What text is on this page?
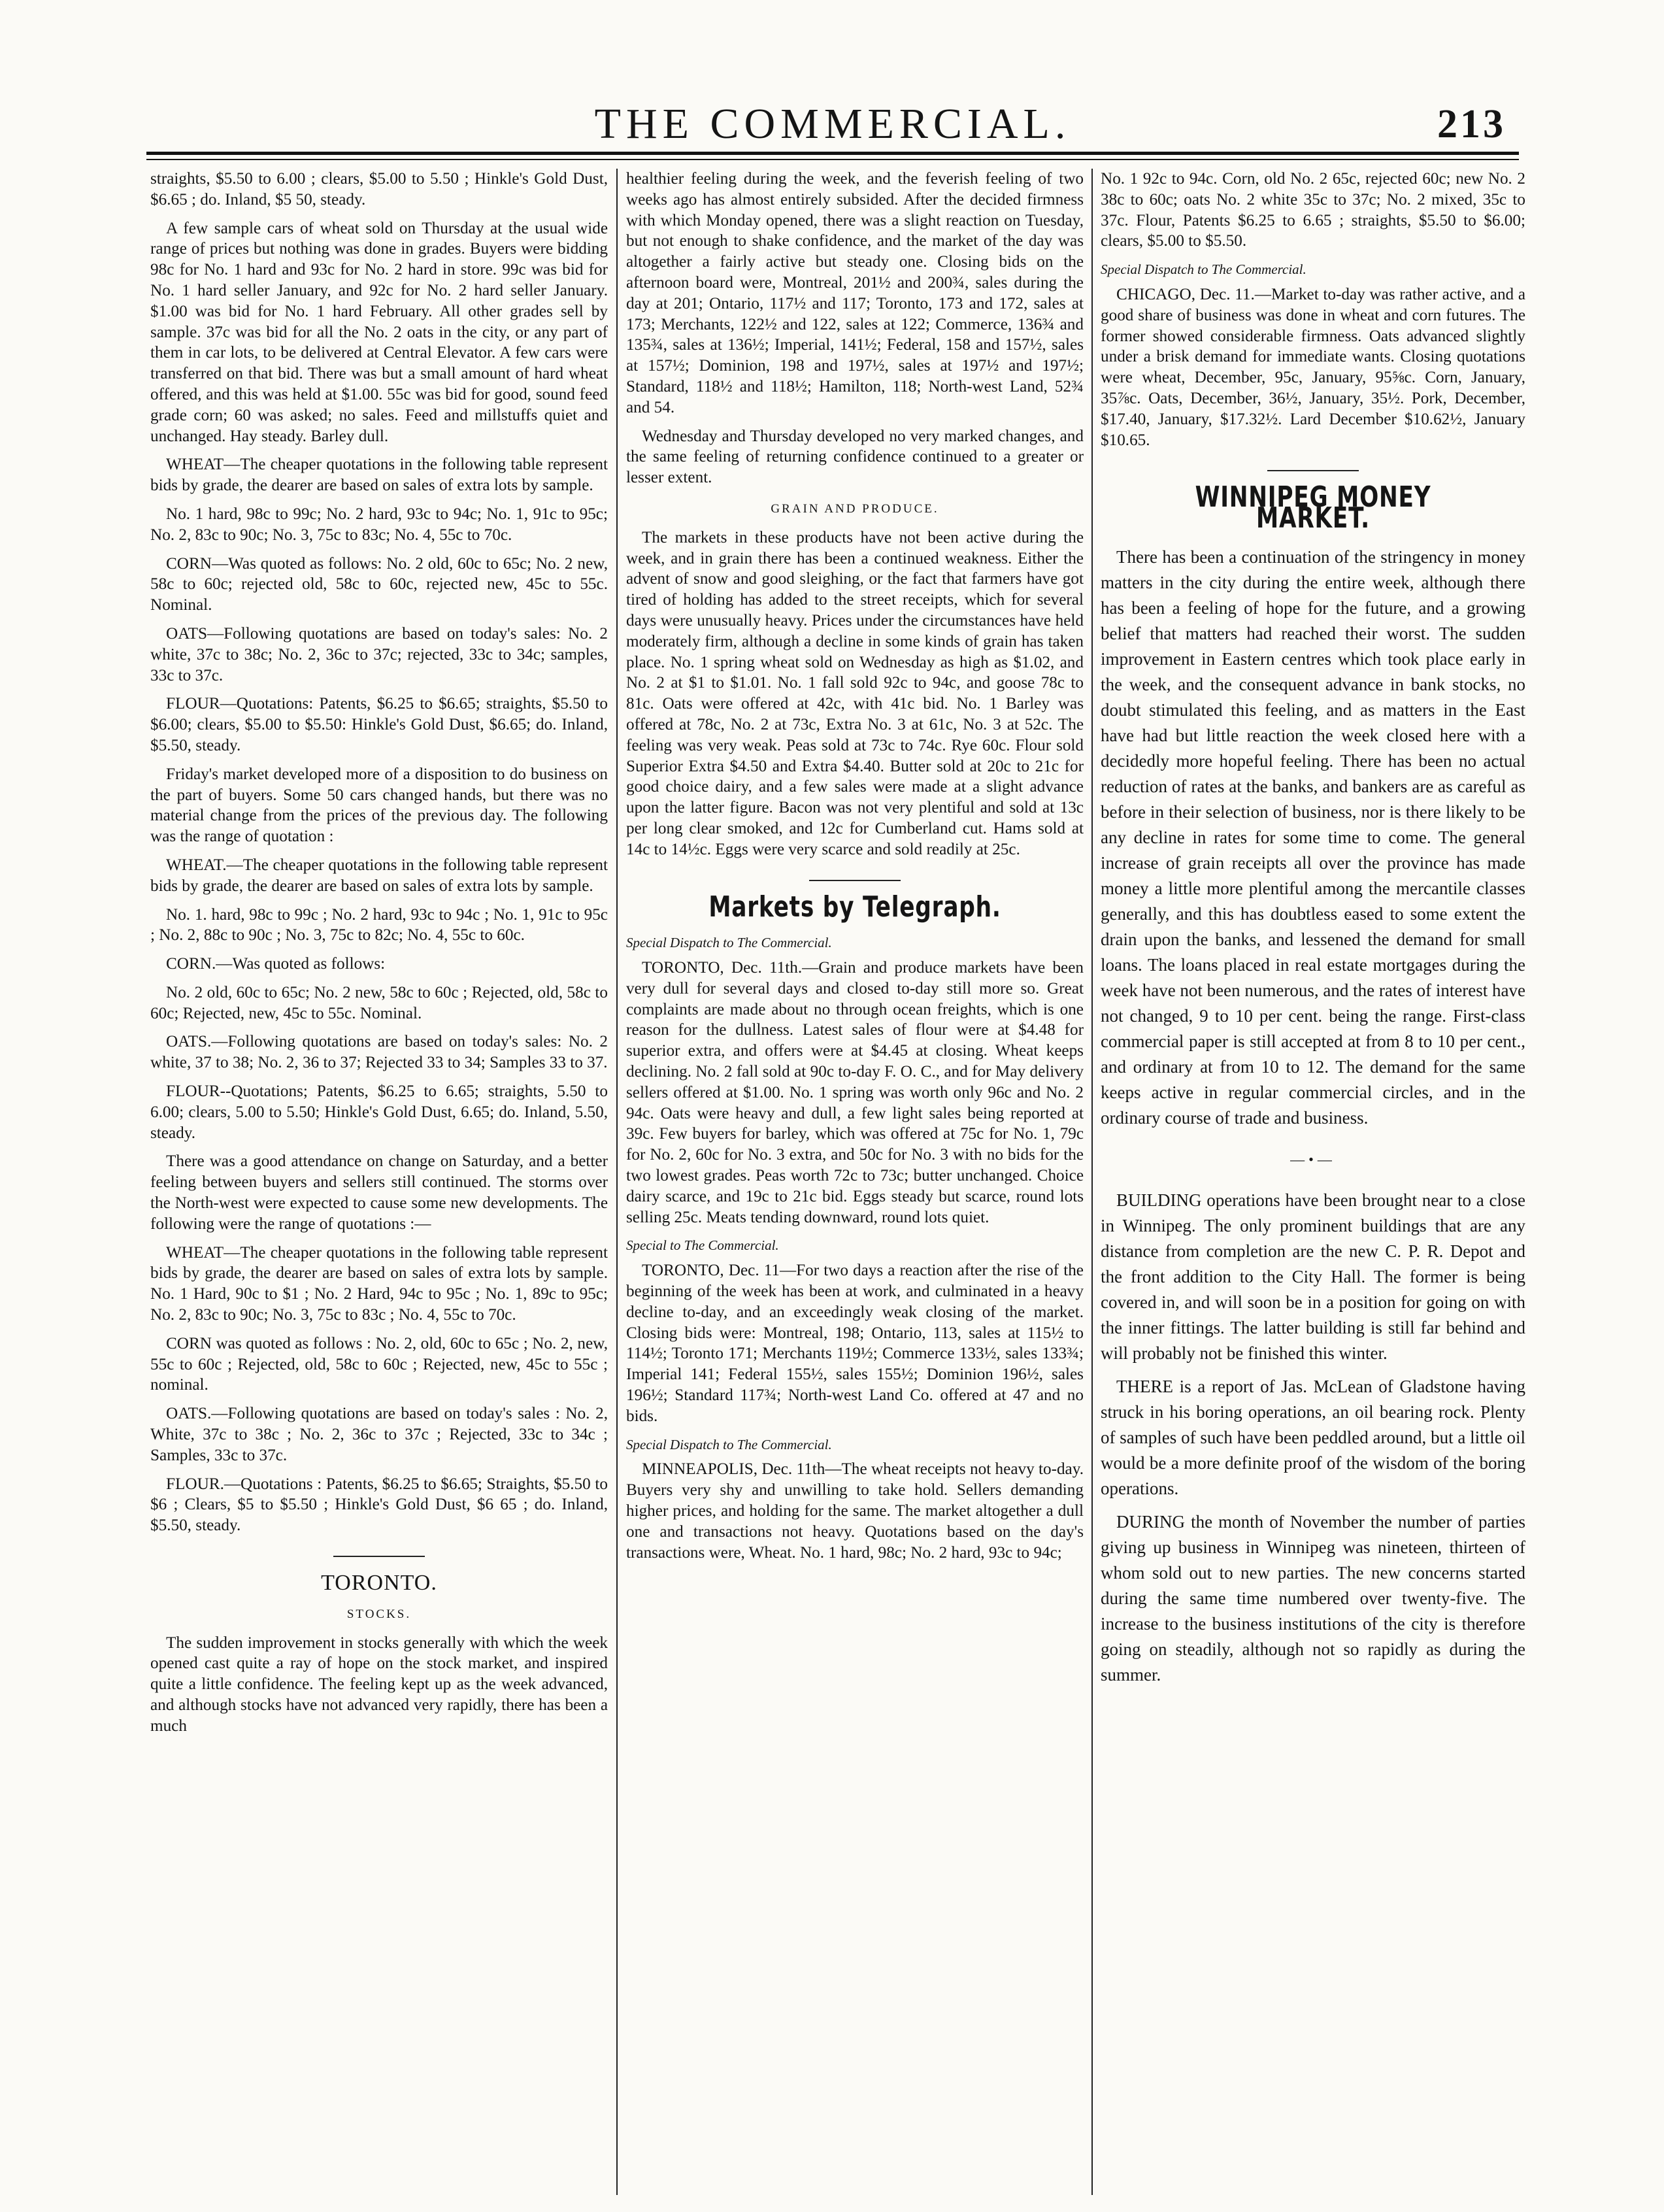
THE COMMERCIAL.	213

straights, $5.50 to 6.00 ; clears, $5.00 to 5.50 ; Hinkle's Gold Dust, $6.65 ; do. Inland, $5 50, steady.

A few sample cars of wheat sold on Thursday at the usual wide range of prices but nothing was done in grades. Buyers were bidding 98c for No. 1 hard and 93c for No. 2 hard in store. 99c was bid for No. 1 hard seller January, and 92c for No. 2 hard seller January. $1.00 was bid for No. 1 hard February. All other grades sell by sample. 37c was bid for all the No. 2 oats in the city, or any part of them in car lots, to be delivered at Central Elevator. A few cars were transferred on that bid. There was but a small amount of hard wheat offered, and this was held at $1.00. 55c was bid for good, sound feed grade corn; 60 was asked; no sales. Feed and millstuffs quiet and unchanged. Hay steady. Barley dull.

WHEAT—The cheaper quotations in the following table represent bids by grade, the dearer are based on sales of extra lots by sample.

No. 1 hard, 98c to 99c; No. 2 hard, 93c to 94c; No. 1, 91c to 95c; No. 2, 83c to 90c; No. 3, 75c to 83c; No. 4, 55c to 70c.

CORN—Was quoted as follows: No. 2 old, 60c to 65c; No. 2 new, 58c to 60c; rejected old, 58c to 60c, rejected new, 45c to 55c. Nominal.

OATS—Following quotations are based on today's sales: No. 2 white, 37c to 38c; No. 2, 36c to 37c; rejected, 33c to 34c; samples, 33c to 37c.

FLOUR—Quotations: Patents, $6.25 to $6.65; straights, $5.50 to $6.00; clears, $5.00 to $5.50: Hinkle's Gold Dust, $6.65; do. Inland, $5.50, steady.

Friday's market developed more of a disposition to do business on the part of buyers. Some 50 cars changed hands, but there was no material change from the prices of the previous day. The following was the range of quotation :

WHEAT.—The cheaper quotations in the following table represent bids by grade, the dearer are based on sales of extra lots by sample.

No. 1. hard, 98c to 99c ; No. 2 hard, 93c to 94c ; No. 1, 91c to 95c ; No. 2, 88c to 90c ; No. 3, 75c to 82c; No. 4, 55c to 60c.

CORN.—Was quoted as follows:

No. 2 old, 60c to 65c; No. 2 new, 58c to 60c ; Rejected, old, 58c to 60c; Rejected, new, 45c to 55c. Nominal.

OATS.—Following quotations are based on today's sales: No. 2 white, 37 to 38; No. 2, 36 to 37; Rejected 33 to 34; Samples 33 to 37.

FLOUR--Quotations; Patents, $6.25 to 6.65; straights, 5.50 to 6.00; clears, 5.00 to 5.50; Hinkle's Gold Dust, 6.65; do. Inland, 5.50, steady.

There was a good attendance on change on Saturday, and a better feeling between buyers and sellers still continued. The storms over the North-west were expected to cause some new developments. The following were the range of quotations :—

WHEAT—The cheaper quotations in the following table represent bids by grade, the dearer are based on sales of extra lots by sample. No. 1 Hard, 90c to $1 ; No. 2 Hard, 94c to 95c ; No. 1, 89c to 95c; No. 2, 83c to 90c; No. 3, 75c to 83c ; No. 4, 55c to 70c.

CORN was quoted as follows : No. 2, old, 60c to 65c ; No. 2, new, 55c to 60c ; Rejected, old, 58c to 60c ; Rejected, new, 45c to 55c ; nominal.

OATS.—Following quotations are based on today's sales : No. 2, White, 37c to 38c ; No. 2, 36c to 37c ; Rejected, 33c to 34c ; Samples, 33c to 37c.

FLOUR.—Quotations : Patents, $6.25 to $6.65; Straights, $5.50 to $6 ; Clears, $5 to $5.50 ; Hinkle's Gold Dust, $6 65 ; do. Inland, $5.50, steady.

TORONTO.
STOCKS.

The sudden improvement in stocks generally with which the week opened cast quite a ray of hope on the stock market, and inspired quite a little confidence. The feeling kept up as the week advanced, and although stocks have not advanced very rapidly, there has been a much

healthier feeling during the week, and the feverish feeling of two weeks ago has almost entirely subsided. After the decided firmness with which Monday opened, there was a slight reaction on Tuesday, but not enough to shake confidence, and the market of the day was altogether a fairly active but steady one. Closing bids on the afternoon board were, Montreal, 201½ and 200¾, sales during the day at 201; Ontario, 117½ and 117; Toronto, 173 and 172, sales at 173; Merchants, 122½ and 122, sales at 122; Commerce, 136¾ and 135¾, sales at 136½; Imperial, 141½; Federal, 158 and 157½, sales at 157½; Dominion, 198 and 197½, sales at 197½ and 197½; Standard, 118½ and 118½; Hamilton, 118; North-west Land, 52¾ and 54.

Wednesday and Thursday developed no very marked changes, and the same feeling of returning confidence continued to a greater or lesser extent.

GRAIN AND PRODUCE.

The markets in these products have not been active during the week, and in grain there has been a continued weakness. Either the advent of snow and good sleighing, or the fact that farmers have got tired of holding has added to the street receipts, which for several days were unusually heavy. Prices under the circumstances have held moderately firm, although a decline in some kinds of grain has taken place. No. 1 spring wheat sold on Wednesday as high as $1.02, and No. 2 at $1 to $1.01. No. 1 fall sold 92c to 94c, and goose 78c to 81c. Oats were offered at 42c, with 41c bid. No. 1 Barley was offered at 78c, No. 2 at 73c, Extra No. 3 at 61c, No. 3 at 52c. The feeling was very weak. Peas sold at 73c to 74c. Rye 60c. Flour sold Superior Extra $4.50 and Extra $4.40. Butter sold at 20c to 21c for good choice dairy, and a few sales were made at a slight advance upon the latter figure. Bacon was not very plentiful and sold at 13c per long clear smoked, and 12c for Cumberland cut. Hams sold at 14c to 14½c. Eggs were very scarce and sold readily at 25c.

Markets by Telegraph.
Special Dispatch to The Commercial.

TORONTO, Dec. 11th.—Grain and produce markets have been very dull for several days and closed to-day still more so. Great complaints are made about no through ocean freights, which is one reason for the dullness. Latest sales of flour were at $4.48 for superior extra, and offers were at $4.45 at closing. Wheat keeps declining. No. 2 fall sold at 90c to-day F. O. C., and for May delivery sellers offered at $1.00. No. 1 spring was worth only 96c and No. 2 94c. Oats were heavy and dull, a few light sales being reported at 39c. Few buyers for barley, which was offered at 75c for No. 1, 79c for No. 2, 60c for No. 3 extra, and 50c for No. 3 with no bids for the two lowest grades. Peas worth 72c to 73c; butter unchanged. Choice dairy scarce, and 19c to 21c bid. Eggs steady but scarce, round lots selling 25c. Meats tending downward, round lots quiet.

Special to The Commercial.

TORONTO, Dec. 11—For two days a reaction after the rise of the beginning of the week has been at work, and culminated in a heavy decline to-day, and an exceedingly weak closing of the market. Closing bids were: Montreal, 198; Ontario, 113, sales at 115½ to 114½; Toronto 171; Merchants 119½; Commerce 133½, sales 133¾; Imperial 141; Federal 155½, sales 155½; Dominion 196½, sales 196½; Standard 117¾; North-west Land Co. offered at 47 and no bids.

Special Dispatch to The Commercial.

MINNEAPOLIS, Dec. 11th—The wheat receipts not heavy to-day. Buyers very shy and unwilling to take hold. Sellers demanding higher prices, and holding for the same. The market altogether a dull one and transactions not heavy. Quotations based on the day's transactions were, Wheat. No. 1 hard, 98c; No. 2 hard, 93c to 94c;

No. 1 92c to 94c. Corn, old No. 2 65c, rejected 60c; new No. 2 38c to 60c; oats No. 2 white 35c to 37c; No. 2 mixed, 35c to 37c. Flour, Patents $6.25 to 6.65 ; straights, $5.50 to $6.00; clears, $5.00 to $5.50.

Special Dispatch to The Commercial.

CHICAGO, Dec. 11.—Market to-day was rather active, and a good share of business was done in wheat and corn futures. The former showed considerable firmness. Oats advanced slightly under a brisk demand for immediate wants. Closing quotations were wheat, December, 95c, January, 95⅝c. Corn, January, 35⅞c. Oats, December, 36½, January, 35½. Pork, December, $17.40, January, $17.32½. Lard December $10.62½, January $10.65.

WINNIPEG MONEY MARKET.

There has been a continuation of the stringency in money matters in the city during the entire week, although there has been a feeling of hope for the future, and a growing belief that matters had reached their worst. The sudden improvement in Eastern centres which took place early in the week, and the consequent advance in bank stocks, no doubt stimulated this feeling, and as matters in the East have had but little reaction the week closed here with a decidedly more hopeful feeling. There has been no actual reduction of rates at the banks, and bankers are as careful as before in their selection of business, nor is there likely to be any decline in rates for some time to come. The general increase of grain receipts all over the province has made money a little more plentiful among the mercantile classes generally, and this has doubtless eased to some extent the drain upon the banks, and lessened the demand for small loans. The loans placed in real estate mortgages during the week have not been numerous, and the rates of interest have not changed, 9 to 10 per cent. being the range. First-class commercial paper is still accepted at from 8 to 10 per cent., and ordinary at from 10 to 12. The demand for the same keeps active in regular commercial circles, and in the ordinary course of trade and business.

—•—

BUILDING operations have been brought near to a close in Winnipeg. The only prominent buildings that are any distance from completion are the new C. P. R. Depot and the front addition to the City Hall. The former is being covered in, and will soon be in a position for going on with the inner fittings. The latter building is still far behind and will probably not be finished this winter.

THERE is a report of Jas. McLean of Gladstone having struck in his boring operations, an oil bearing rock. Plenty of samples of such have been peddled around, but a little oil would be a more definite proof of the wisdom of the boring operations.

DURING the month of November the number of parties giving up business in Winnipeg was nineteen, thirteen of whom sold out to new parties. The new concerns started during the same time numbered over twenty-five. The increase to the business institutions of the city is therefore going on steadily, although not so rapidly as during the summer.
